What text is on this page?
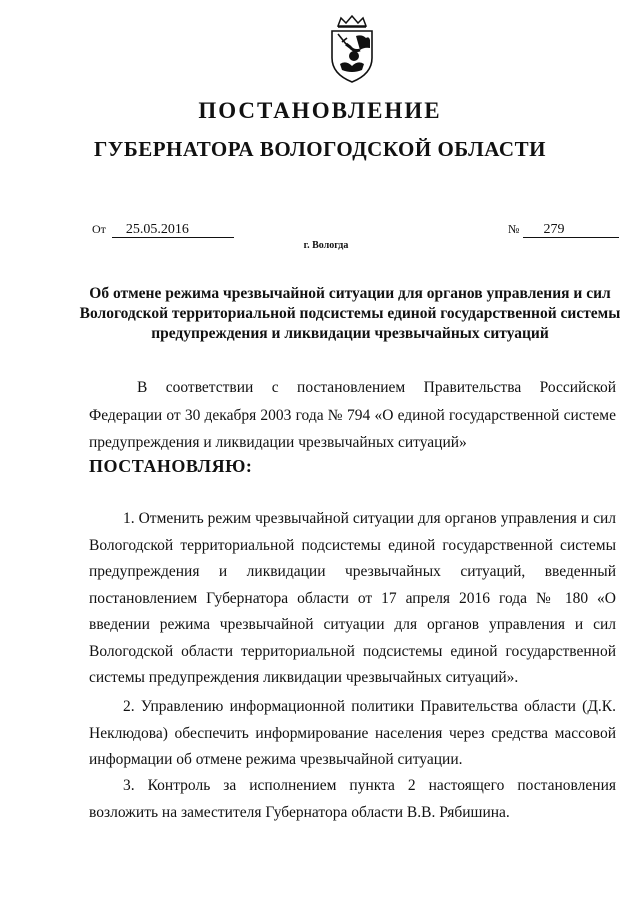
ПОСТАНОВЛЕНИЕ
ГУБЕРНАТОРА ВОЛОГОДСКОЙ ОБЛАСТИ
От 25.05.2016	№ 279
г. Вологда
Об отмене режима чрезвычайной ситуации для органов управления и сил Вологодской территориальной подсистемы единой государственной системы предупреждения и ликвидации чрезвычайных ситуаций
В соответствии с постановлением Правительства Российской Федерации от 30 декабря 2003 года № 794 «О единой государственной системе предупреждения и ликвидации чрезвычайных ситуаций»
ПОСТАНОВЛЯЮ:
1. Отменить режим чрезвычайной ситуации для органов управления и сил Вологодской территориальной подсистемы единой государственной системы предупреждения и ликвидации чрезвычайных ситуаций, введенный постановлением Губернатора области от 17 апреля 2016 года № 180 «О введении режима чрезвычайной ситуации для органов управления и сил Вологодской области территориальной подсистемы единой государственной системы предупреждения ликвидации чрезвычайных ситуаций».
2. Управлению информационной политики Правительства области (Д.К. Неклюдова) обеспечить информирование населения через средства массовой информации об отмене режима чрезвычайной ситуации.
3. Контроль за исполнением пункта 2 настоящего постановления возложить на заместителя Губернатора области В.В. Рябишина.
